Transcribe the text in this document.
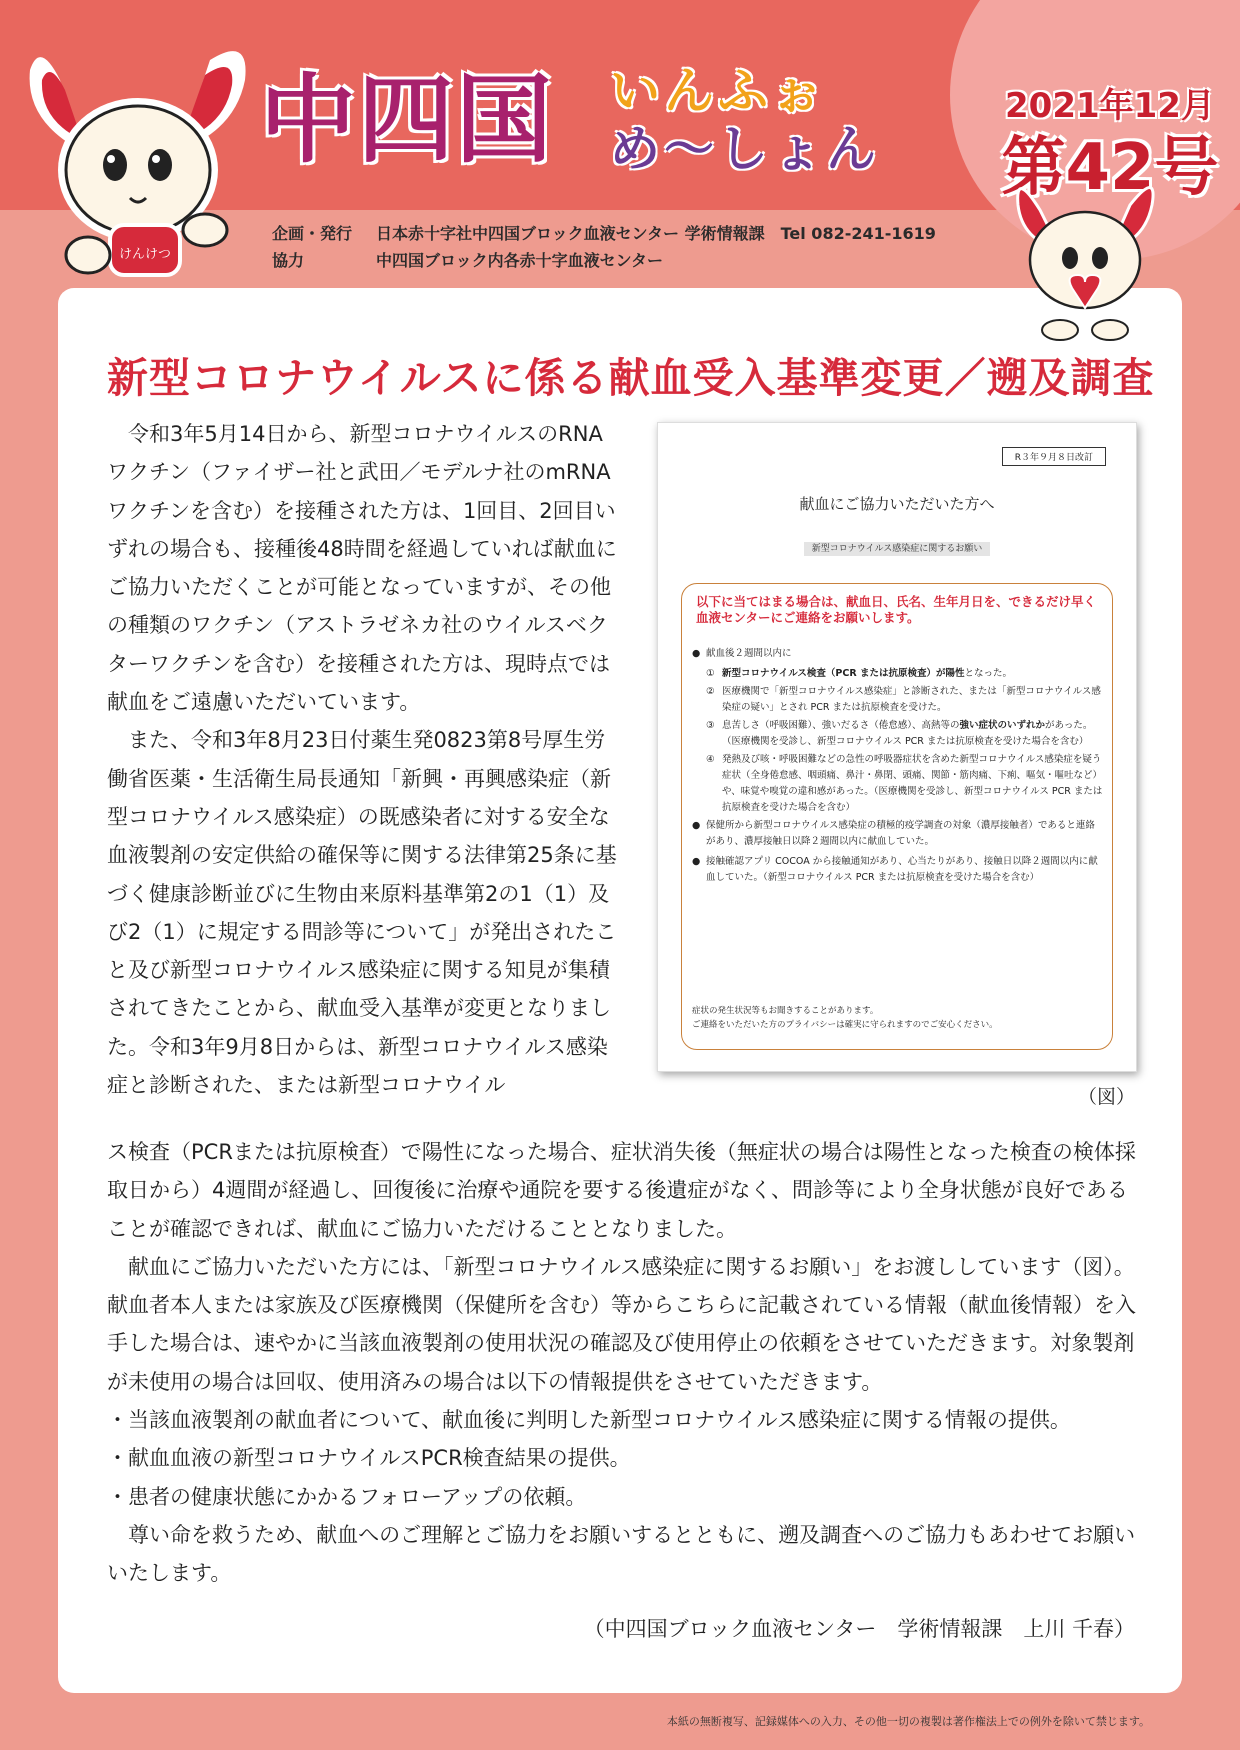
けんけつ
中四国 いんふぉ
め〜しょん
2021年12月
第42号
企画・発行	日本赤十字社中四国ブロック血液センター 学術情報課　Tel 082-241-1619
協力	中四国ブロック内各赤十字血液センター
新型コロナウイルスに係る献血受入基準変更／遡及調査

令和3年5月14日から、新型コロナウイルスのRNAワクチン（ファイザー社と武田／モデルナ社のmRNAワクチンを含む）を接種された方は、1回目、2回目いずれの場合も、接種後48時間を経過していれば献血にご協力いただくことが可能となっていますが、その他の種類のワクチン（アストラゼネカ社のウイルスベクターワクチンを含む）を接種された方は、現時点では献血をご遠慮いただいています。

また、令和3年8月23日付薬生発0823第8号厚生労働省医薬・生活衛生局長通知「新興・再興感染症（新型コロナウイルス感染症）の既感染者に対する安全な血液製剤の安定供給の確保等に関する法律第25条に基づく健康診断並びに生物由来原料基準第2の1（1）及び2（1）に規定する問診等について」が発出されたこと及び新型コロナウイルス感染症に関する知見が集積されてきたことから、献血受入基準が変更となりました。令和3年9月8日からは、新型コロナウイルス感染症と診断された、または新型コロナウイル

R３年９月８日改訂
献血にご協力いただいた方へ
新型コロナウイルス感染症に関するお願い
以下に当てはまる場合は、献血日、氏名、生年月日を、できるだけ早く血液センターにご連絡をお願いします。
● 献血後２週間以内に
① 新型コロナウイルス検査（PCR または抗原検査）が陽性となった。
② 医療機関で「新型コロナウイルス感染症」と診断された、または「新型コロナウイルス感染症の疑い」とされ PCR または抗原検査を受けた。
③ 息苦しさ（呼吸困難）、強いだるさ（倦怠感）、高熱等の強い症状のいずれかがあった。（医療機関を受診し、新型コロナウイルス PCR または抗原検査を受けた場合を含む）
④ 発熱及び咳・呼吸困難などの急性の呼吸器症状を含めた新型コロナウイルス感染症を疑う症状（全身倦怠感、咽頭痛、鼻汁・鼻閉、頭痛、関節・筋肉痛、下痢、嘔気・嘔吐など）や、味覚や嗅覚の違和感があった。（医療機関を受診し、新型コロナウイルス PCR または抗原検査を受けた場合を含む）
● 保健所から新型コロナウイルス感染症の積極的疫学調査の対象（濃厚接触者）であると連絡があり、濃厚接触日以降２週間以内に献血していた。
● 接触確認アプリ COCOA から接触通知があり、心当たりがあり、接触日以降２週間以内に献血していた。（新型コロナウイルス PCR または抗原検査を受けた場合を含む）
症状の発生状況等もお聞きすることがあります。
ご連絡をいただいた方のプライバシーは確実に守られますのでご安心ください。
（図）

ス検査（PCRまたは抗原検査）で陽性になった場合、症状消失後（無症状の場合は陽性となった検査の検体採取日から）4週間が経過し、回復後に治療や通院を要する後遺症がなく、問診等により全身状態が良好であることが確認できれば、献血にご協力いただけることとなりました。

献血にご協力いただいた方には、「新型コロナウイルス感染症に関するお願い」をお渡ししています（図）。献血者本人または家族及び医療機関（保健所を含む）等からこちらに記載されている情報（献血後情報）を入手した場合は、速やかに当該血液製剤の使用状況の確認及び使用停止の依頼をさせていただきます。対象製剤が未使用の場合は回収、使用済みの場合は以下の情報提供をさせていただきます。

・当該血液製剤の献血者について、献血後に判明した新型コロナウイルス感染症に関する情報の提供。

・献血血液の新型コロナウイルスPCR検査結果の提供。

・患者の健康状態にかかるフォローアップの依頼。

尊い命を救うため、献血へのご理解とご協力をお願いするとともに、遡及調査へのご協力もあわせてお願いいたします。

（中四国ブロック血液センター　学術情報課　上川 千春）
本紙の無断複写、記録媒体への入力、その他一切の複製は著作権法上での例外を除いて禁じます。
